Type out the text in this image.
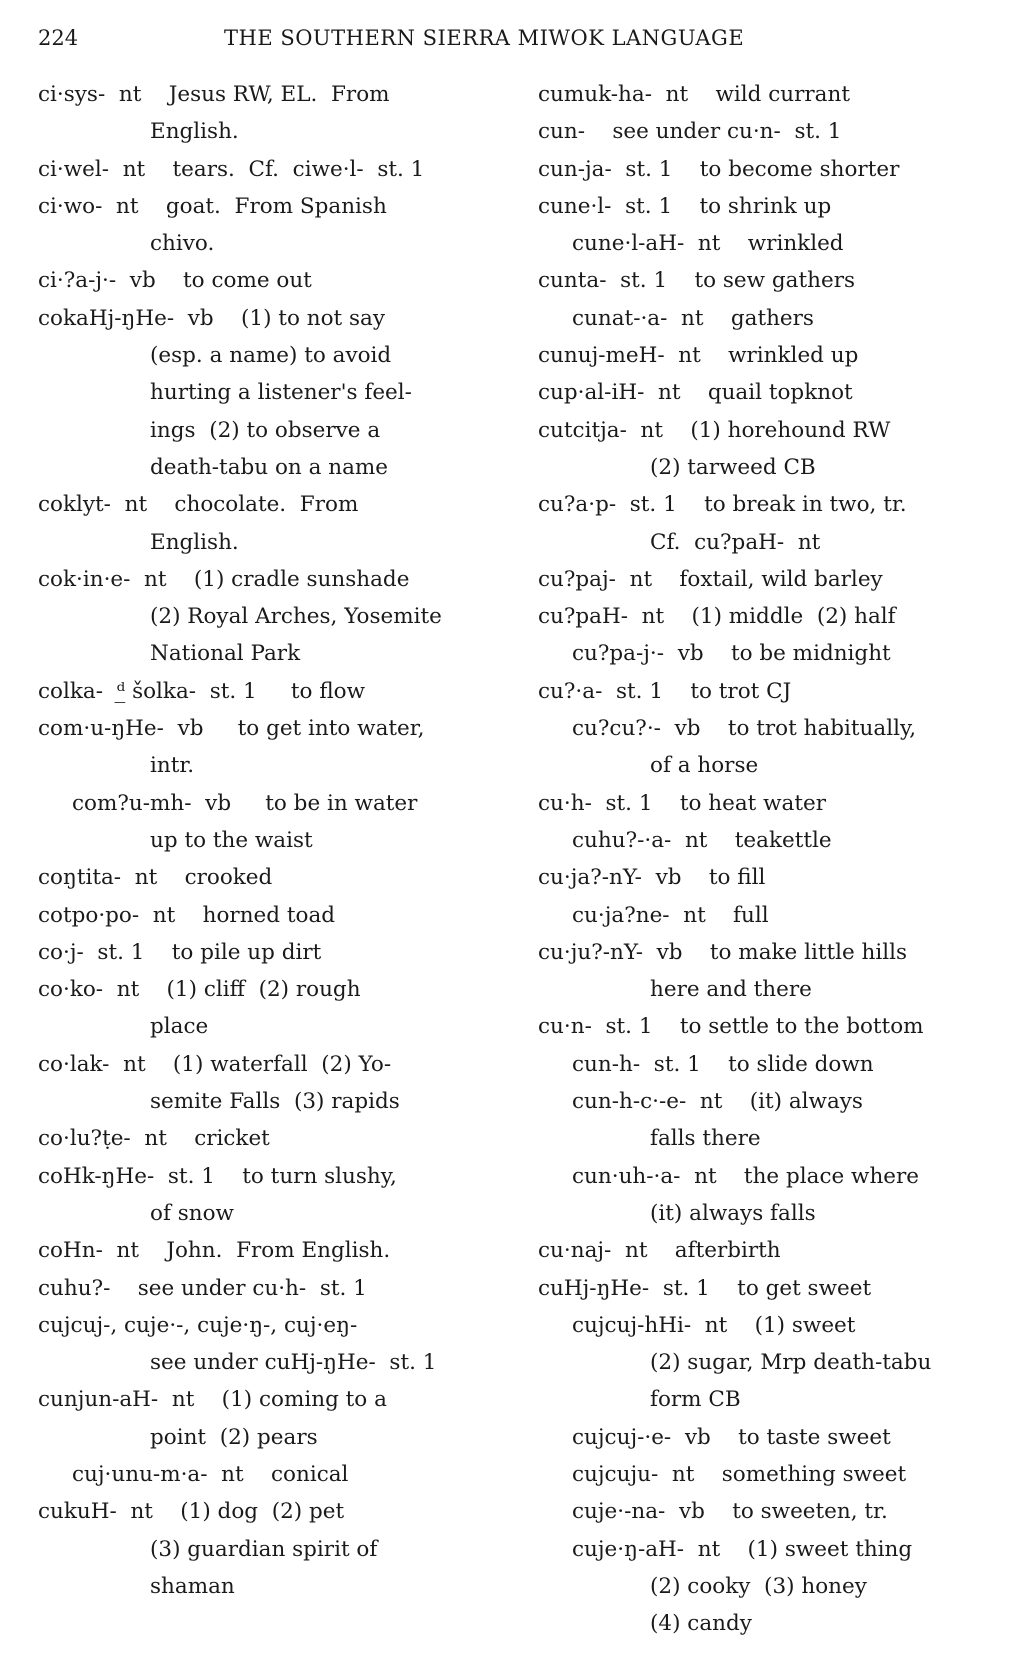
224	THE SOUTHERN SIERRA MIWOK LANGUAGE
ci·sys-  nt    Jesus RW, EL.  From
English.
ci·wel-  nt    tears.  Cf.  ciwe·l-  st. 1
ci·wo-  nt    goat.  From Spanish
chivo.
ci·?a-j·-  vb    to come out
cokaHj-ŋHe-  vb    (1) to not say
(esp. a name) to avoid
hurting a listener's feel-
ings  (2) to observe a
death-tabu on a name
coklyt-  nt    chocolate.  From
English.
cok·in·e-  nt    (1) cradle sunshade
(2) Royal Arches, Yosemite
National Park
colka-  ᵈ̲ šolka-  st. 1     to flow
com·u-ŋHe-  vb     to get into water,
intr.
com?u-mh-  vb     to be in water
up to the waist
coŋtita-  nt    crooked
cotpo·po-  nt    horned toad
co·j-  st. 1    to pile up dirt
co·ko-  nt    (1) cliff  (2) rough
place
co·lak-  nt    (1) waterfall  (2) Yo-
semite Falls  (3) rapids
co·lu?ṭe-  nt    cricket
coHk-ŋHe-  st. 1    to turn slushy,
of snow
coHn-  nt    John.  From English.
cuhu?-    see under cu·h-  st. 1
cujcuj-, cuje·-, cuje·ŋ-, cuj·eŋ-
see under cuHj-ŋHe-  st. 1
cunjun-aH-  nt    (1) coming to a
point  (2) pears
cuj·unu-m·a-  nt    conical
cukuH-  nt    (1) dog  (2) pet
(3) guardian spirit of
shaman
cumuk-ha-  nt    wild currant
cun-    see under cu·n-  st. 1
cun-ja-  st. 1    to become shorter
cune·l-  st. 1    to shrink up
cune·l-aH-  nt    wrinkled
cunta-  st. 1    to sew gathers
cunat-·a-  nt    gathers
cunuj-meH-  nt    wrinkled up
cup·al-iH-  nt    quail topknot
cutcitja-  nt    (1) horehound RW
(2) tarweed CB
cu?a·p-  st. 1    to break in two, tr.
Cf.  cu?paH-  nt
cu?paj-  nt    foxtail, wild barley
cu?paH-  nt    (1) middle  (2) half
cu?pa-j·-  vb    to be midnight
cu?·a-  st. 1    to trot CJ
cu?cu?·-  vb    to trot habitually,
of a horse
cu·h-  st. 1    to heat water
cuhu?-·a-  nt    teakettle
cu·ja?-nY-  vb    to fill
cu·ja?ne-  nt    full
cu·ju?-nY-  vb    to make little hills
here and there
cu·n-  st. 1    to settle to the bottom
cun-h-  st. 1    to slide down
cun-h-c·-e-  nt    (it) always
falls there
cun·uh-·a-  nt    the place where
(it) always falls
cu·naj-  nt    afterbirth
cuHj-ŋHe-  st. 1    to get sweet
cujcuj-hHi-  nt    (1) sweet
(2) sugar, Mrp death-tabu
form CB
cujcuj-·e-  vb    to taste sweet
cujcuju-  nt    something sweet
cuje·-na-  vb    to sweeten, tr.
cuje·ŋ-aH-  nt    (1) sweet thing
(2) cooky  (3) honey
(4) candy
